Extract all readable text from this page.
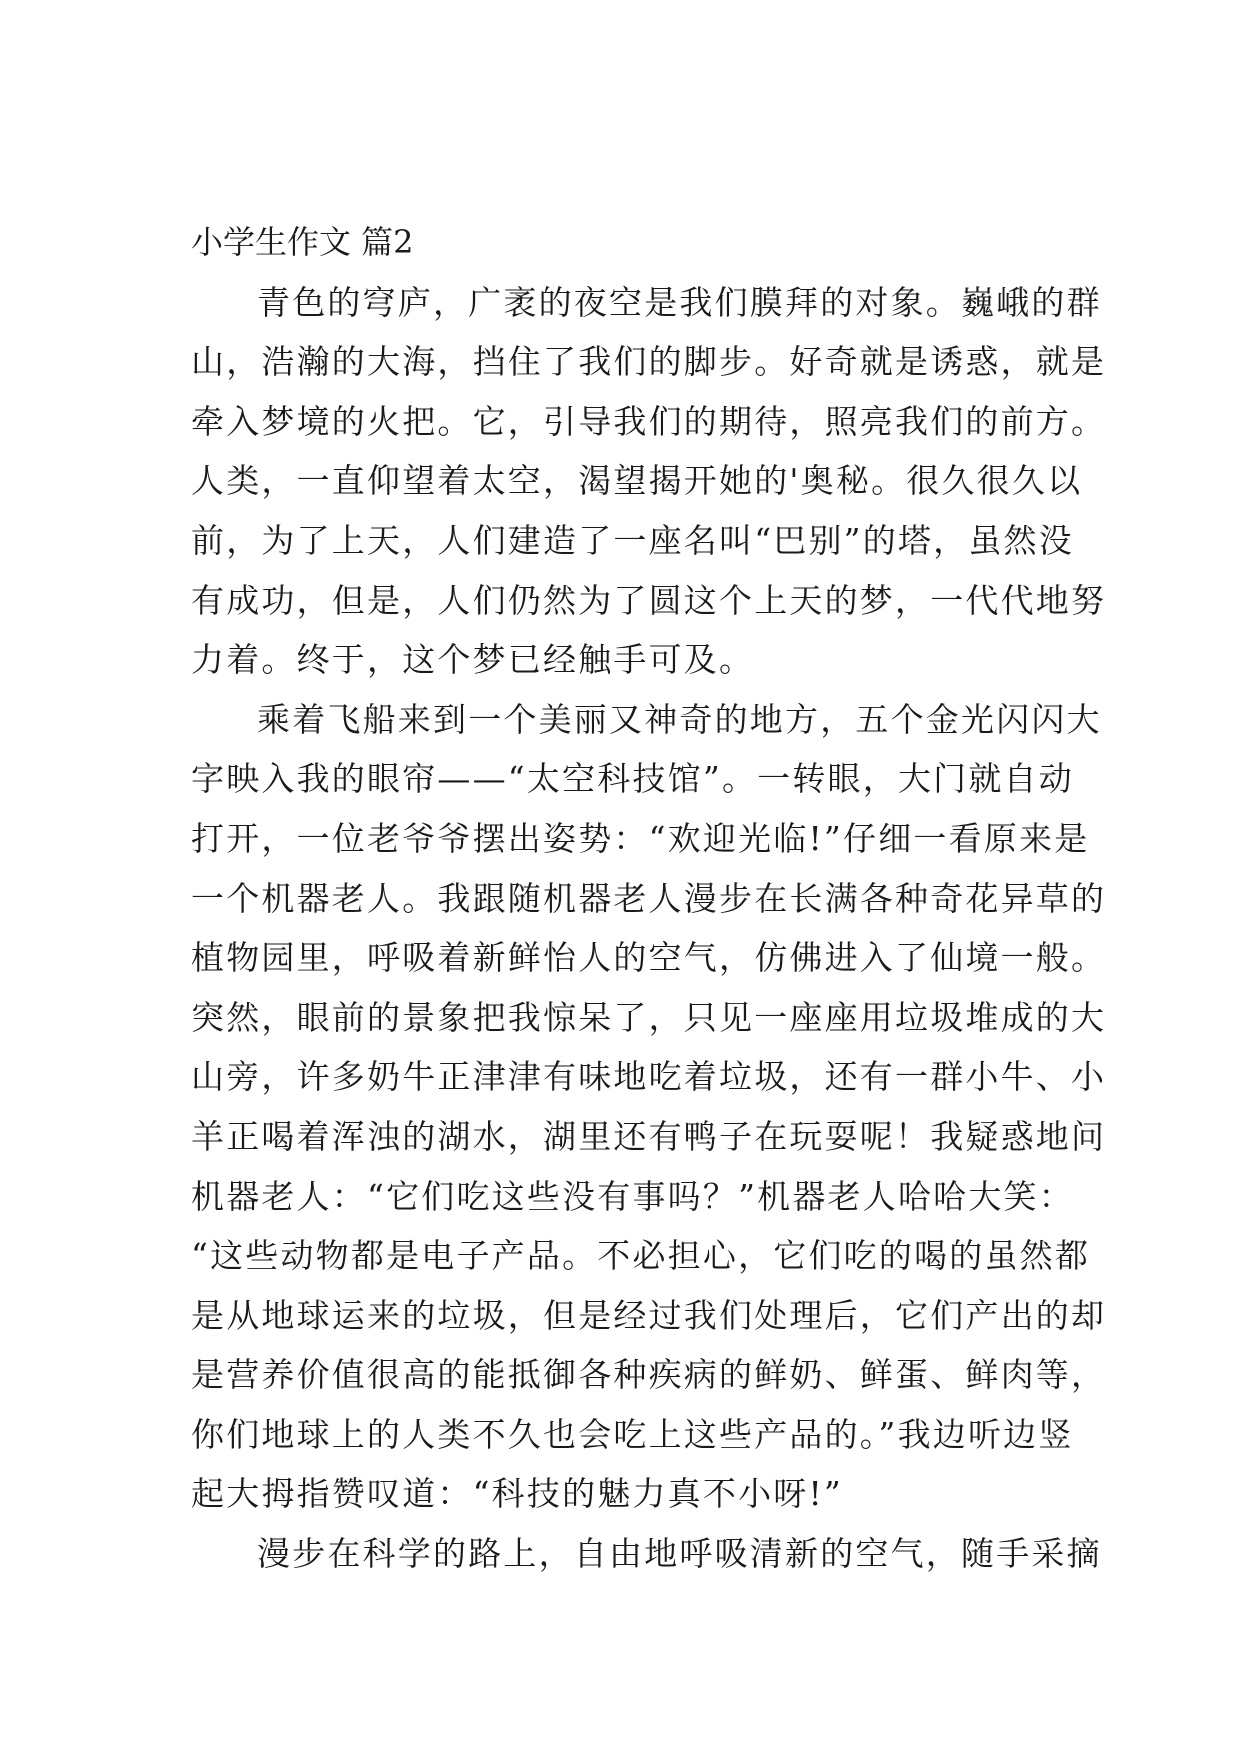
小学生作文 篇2
青色的穹庐，广袤的夜空是我们膜拜的对象。巍峨的群
山，浩瀚的大海，挡住了我们的脚步。好奇就是诱惑，就是
牵入梦境的火把。它，引导我们的期待，照亮我们的前方。
人类，一直仰望着太空，渴望揭开她的'奥秘。很久很久以
前，为了上天，人们建造了一座名叫“巴别”的塔，虽然没
有成功，但是，人们仍然为了圆这个上天的梦，一代代地努
力着。终于，这个梦已经触手可及。
乘着飞船来到一个美丽又神奇的地方，五个金光闪闪大
字映入我的眼帘——“太空科技馆”。一转眼，大门就自动
打开，一位老爷爷摆出姿势：“欢迎光临!”仔细一看原来是
一个机器老人。我跟随机器老人漫步在长满各种奇花异草的
植物园里，呼吸着新鲜怡人的空气，仿佛进入了仙境一般。
突然，眼前的景象把我惊呆了，只见一座座用垃圾堆成的大
山旁，许多奶牛正津津有味地吃着垃圾，还有一群小牛、小
羊正喝着浑浊的湖水，湖里还有鸭子在玩耍呢！我疑惑地问
机器老人：“它们吃这些没有事吗？”机器老人哈哈大笑：
“这些动物都是电子产品。不必担心，它们吃的喝的虽然都
是从地球运来的垃圾，但是经过我们处理后，它们产出的却
是营养价值很高的能抵御各种疾病的鲜奶、鲜蛋、鲜肉等，
你们地球上的人类不久也会吃上这些产品的。”我边听边竖
起大拇指赞叹道：“科技的魅力真不小呀!”
漫步在科学的路上，自由地呼吸清新的空气，随手采摘
